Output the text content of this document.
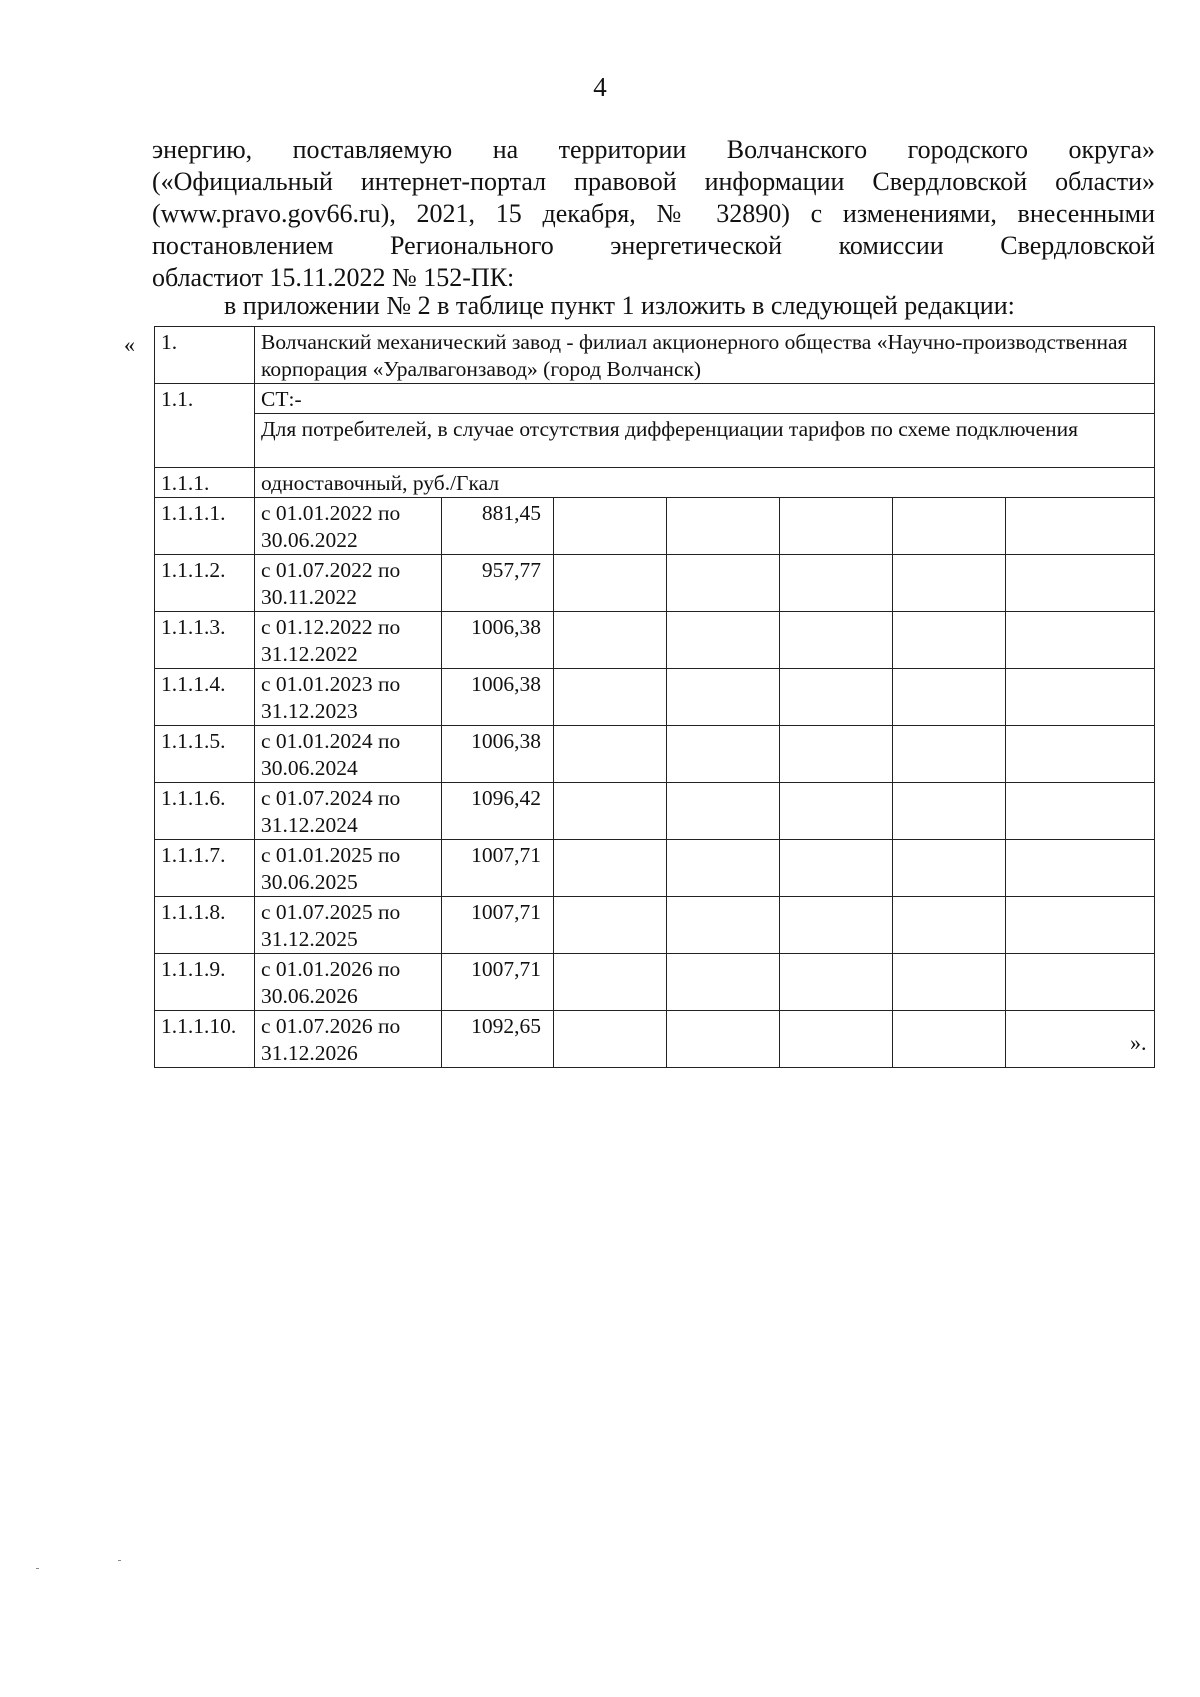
4
энергию, поставляемую на территории Волчанского городского округа»
(«Официальный интернет-портал правовой информации Свердловской области»
(www.pravo.gov66.ru), 2021, 15 декабря, № 32890) с изменениями, внесенными
постановлением Регионального энергетической комиссии Свердловской
областиот 15.11.2022 № 152-ПК:
в приложении № 2 в таблице пункт 1 изложить в следующей редакции:
« 1.	Волчанский механический завод - филиал акционерного общества «Научно-производственная корпорация «Уралвагонзавод» (город Волчанск)						
1.1.	СТ:-						
	Для потребителей, в случае отсутствия дифференциации тарифов по схеме подключения						
1.1.1.	одноставочный, руб./Гкал						
1.1.1.1.	с 01.01.2022 по 30.06.2022	881,45					
1.1.1.2.	с 01.07.2022 по 30.11.2022	957,77					
1.1.1.3.	с 01.12.2022 по 31.12.2022	1006,38					
1.1.1.4.	с 01.01.2023 по 31.12.2023	1006,38					
1.1.1.5.	с 01.01.2024 по 30.06.2024	1006,38					
1.1.1.6.	с 01.07.2024 по 31.12.2024	1096,42					
1.1.1.7.	с 01.01.2025 по 30.06.2025	1007,71					
1.1.1.8.	с 01.07.2025 по 31.12.2025	1007,71					
1.1.1.9.	с 01.01.2026 по 30.06.2026	1007,71					
1.1.1.10.	с 01.07.2026 по 31.12.2026	1092,65					
».
